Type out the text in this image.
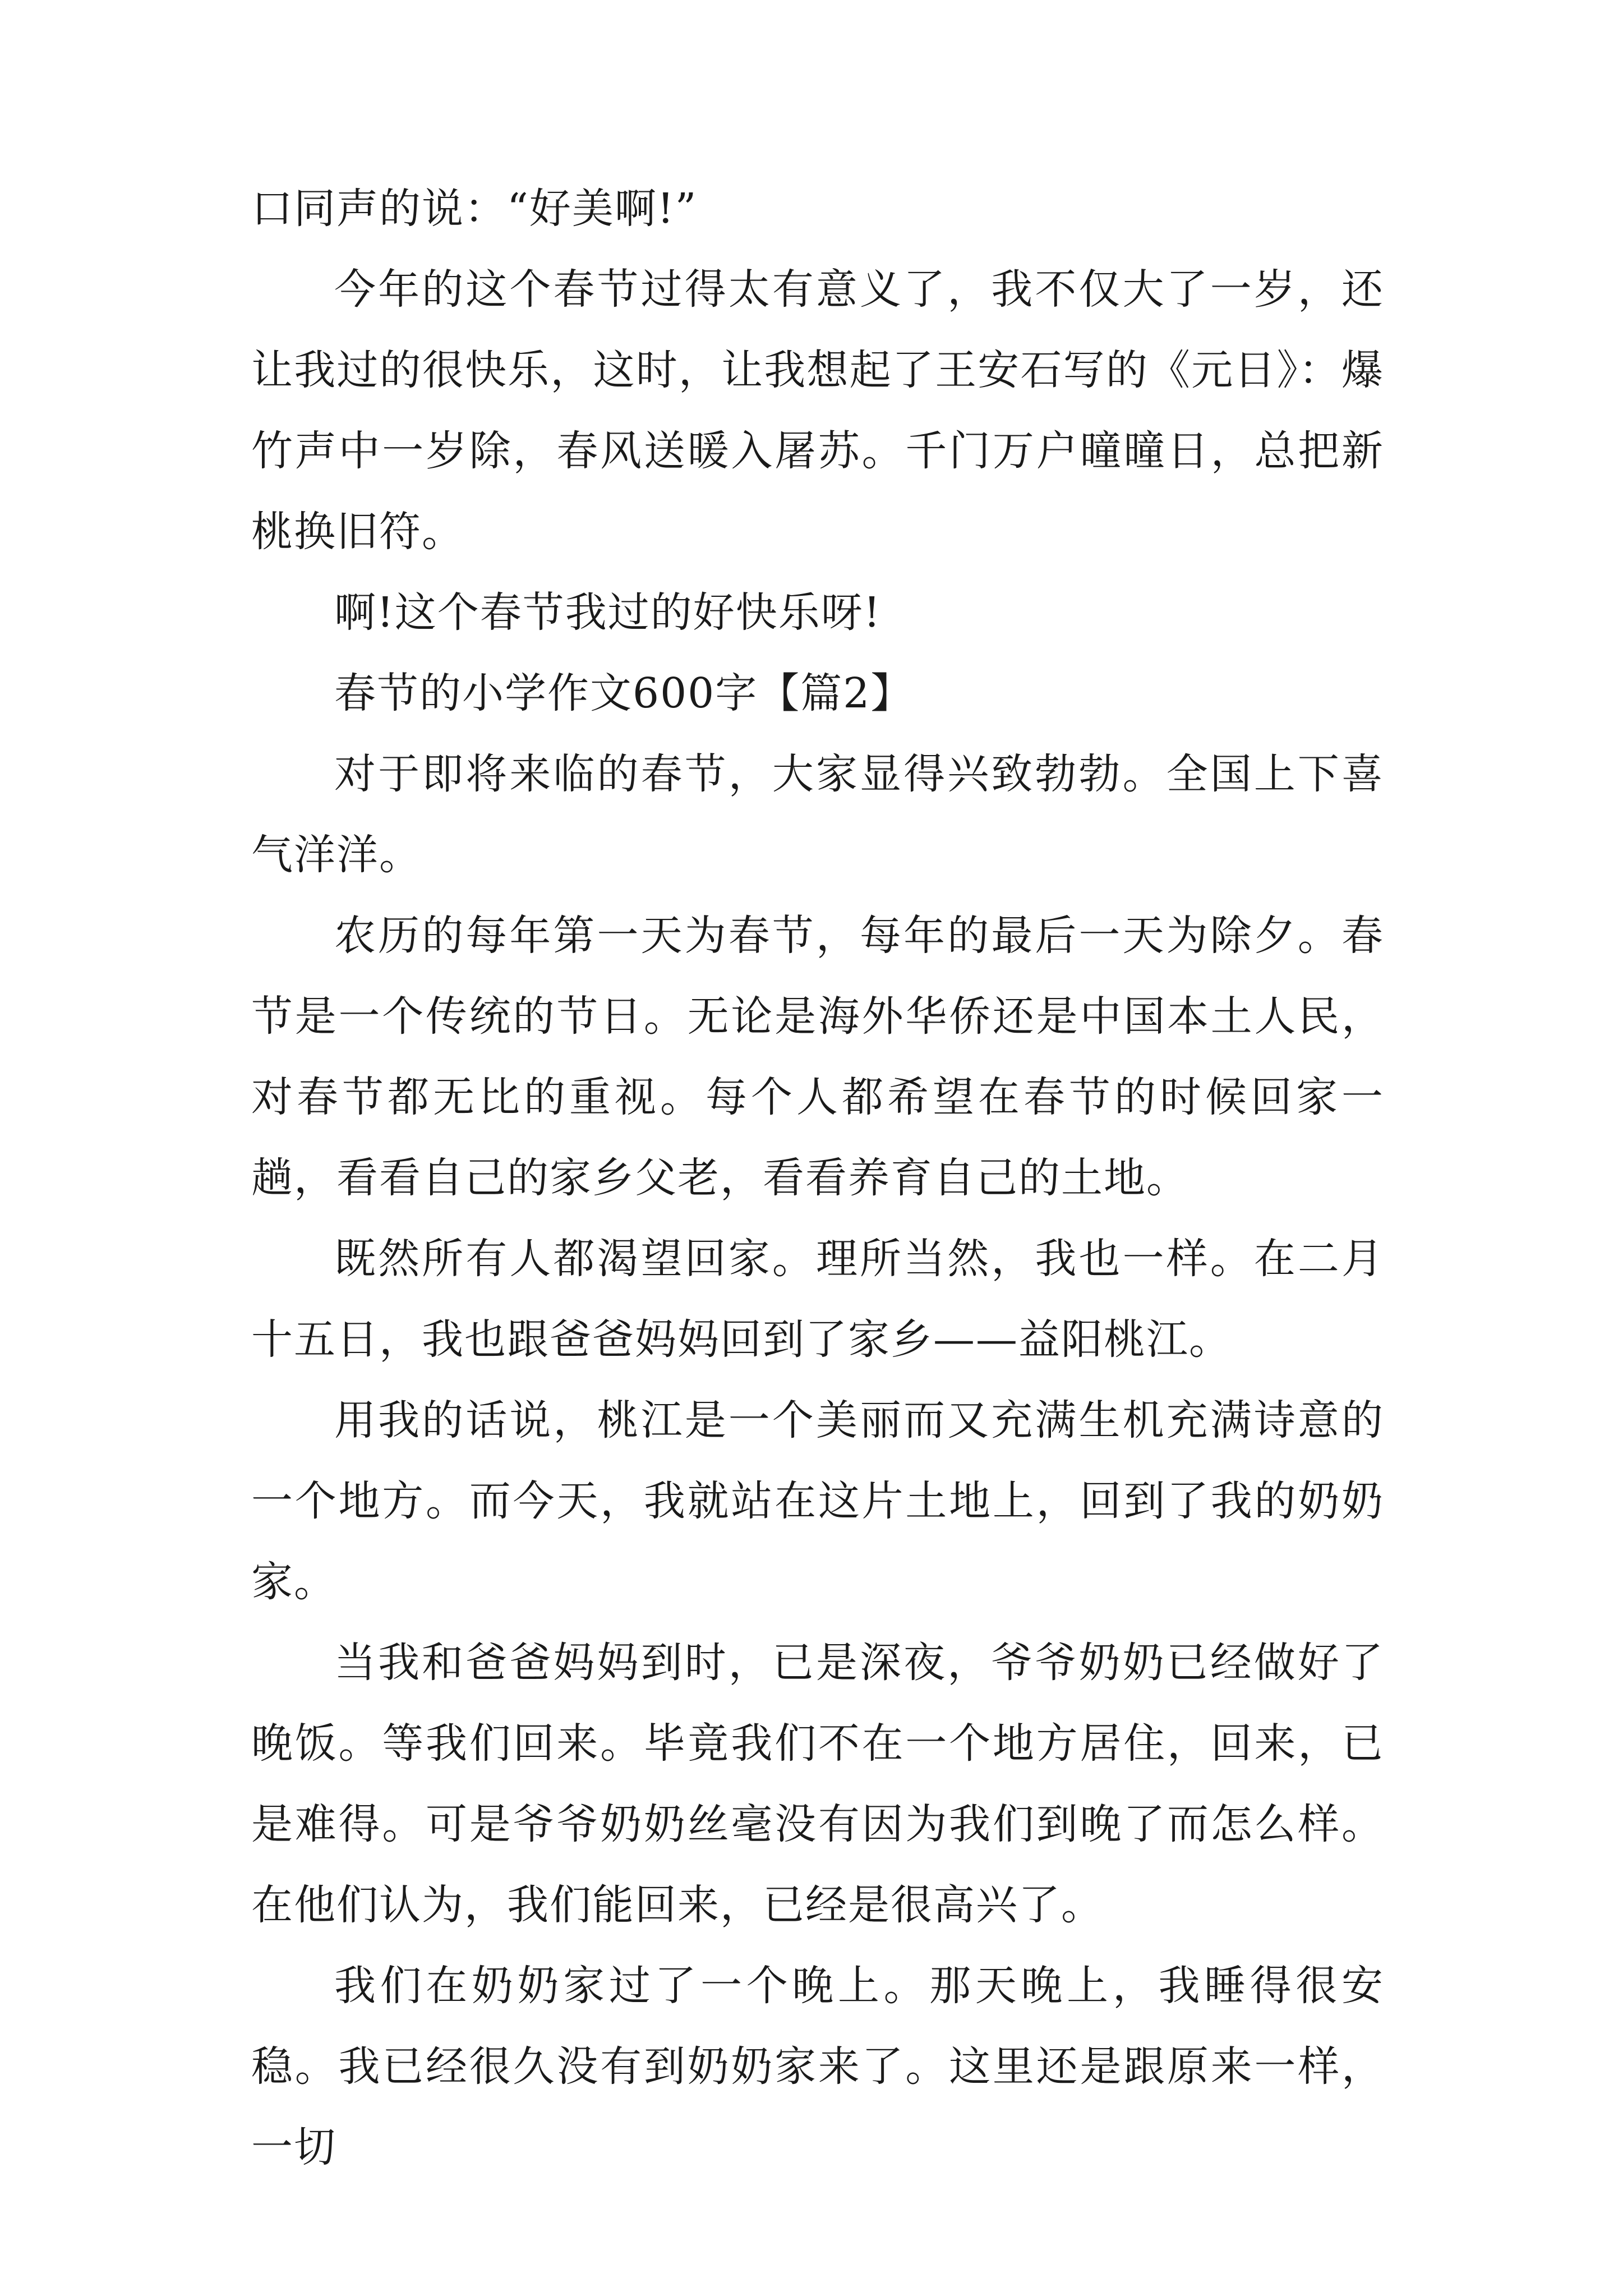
口同声的说：“好美啊!”

今年的这个春节过得太有意义了，我不仅大了一岁，还让我过的很快乐，这时，让我想起了王安石写的《元日》：爆竹声中一岁除，春风送暖入屠苏。千门万户曈曈日，总把新桃换旧符。

啊!这个春节我过的好快乐呀!

春节的小学作文600字【篇2】

对于即将来临的春节，大家显得兴致勃勃。全国上下喜气洋洋。

农历的每年第一天为春节，每年的最后一天为除夕。春节是一个传统的节日。无论是海外华侨还是中国本土人民，对春节都无比的重视。每个人都希望在春节的时候回家一趟，看看自己的家乡父老，看看养育自己的土地。

既然所有人都渴望回家。理所当然，我也一样。在二月十五日，我也跟爸爸妈妈回到了家乡——益阳桃江。

用我的话说，桃江是一个美丽而又充满生机充满诗意的一个地方。而今天，我就站在这片土地上，回到了我的奶奶家。

当我和爸爸妈妈到时，已是深夜，爷爷奶奶已经做好了晚饭。等我们回来。毕竟我们不在一个地方居住，回来，已是难得。可是爷爷奶奶丝毫没有因为我们到晚了而怎么样。在他们认为，我们能回来，已经是很高兴了。

我们在奶奶家过了一个晚上。那天晚上，我睡得很安稳。我已经很久没有到奶奶家来了。这里还是跟原来一样，一切
